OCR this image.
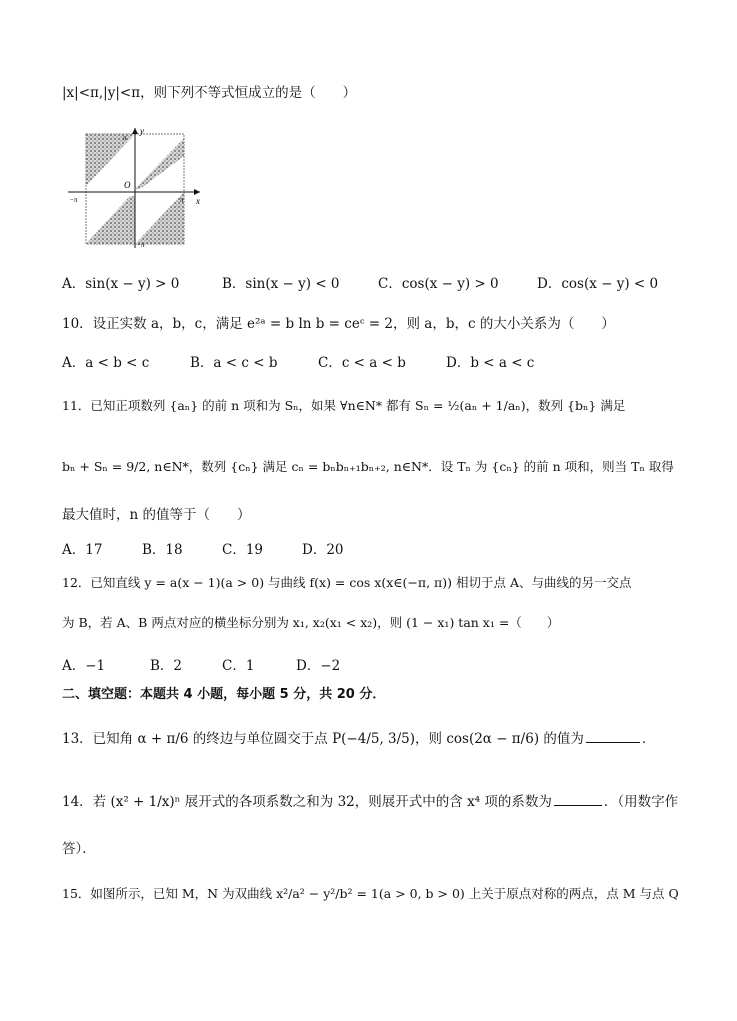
|x|<π,|y|<π，则下列不等式恒成立的是（　　）
y
x
O
π
−π
−π	π
A．sin(x − y) > 0	B．sin(x − y) < 0	C．cos(x − y) > 0	D．cos(x − y) < 0
10．设正实数 a，b，c，满足 e²ᵃ = b ln b = ceᶜ = 2，则 a，b，c 的大小关系为（　　）
A．a < b < c	B．a < c < b	C．c < a < b	D．b < a < c
11．已知正项数列 {aₙ} 的前 n 项和为 Sₙ，如果 ∀n∈N* 都有 Sₙ = ½(aₙ + 1/aₙ)，数列 {bₙ} 满足
bₙ + Sₙ = 9/2, n∈N*，数列 {cₙ} 满足 cₙ = bₙbₙ₊₁bₙ₊₂, n∈N*．设 Tₙ 为 {cₙ} 的前 n 项和，则当 Tₙ 取得
最大值时，n 的值等于（　　）
A．17	B．18	C．19	D．20
12．已知直线 y = a(x − 1)(a > 0) 与曲线 f(x) = cos x(x∈(−π, π)) 相切于点 A、与曲线的另一交点
为 B，若 A、B 两点对应的横坐标分别为 x₁, x₂(x₁ < x₂)，则 (1 − x₁) tan x₁ =（　　）
A．−1	B．2	C．1	D．−2
二、填空题：本题共 4 小题，每小题 5 分，共 20 分．
13．已知角 α + π/6 的终边与单位圆交于点 P(−4/5, 3/5)，则 cos(2α − π/6) 的值为	．
14．若 (x² + 1/x)ⁿ 展开式的各项系数之和为 32，则展开式中的含 x⁴ 项的系数为	．（用数字作
答）．
15．如图所示，已知 M，N 为双曲线 x²/a² − y²/b² = 1(a > 0, b > 0) 上关于原点对称的两点，点 M 与点 Q
